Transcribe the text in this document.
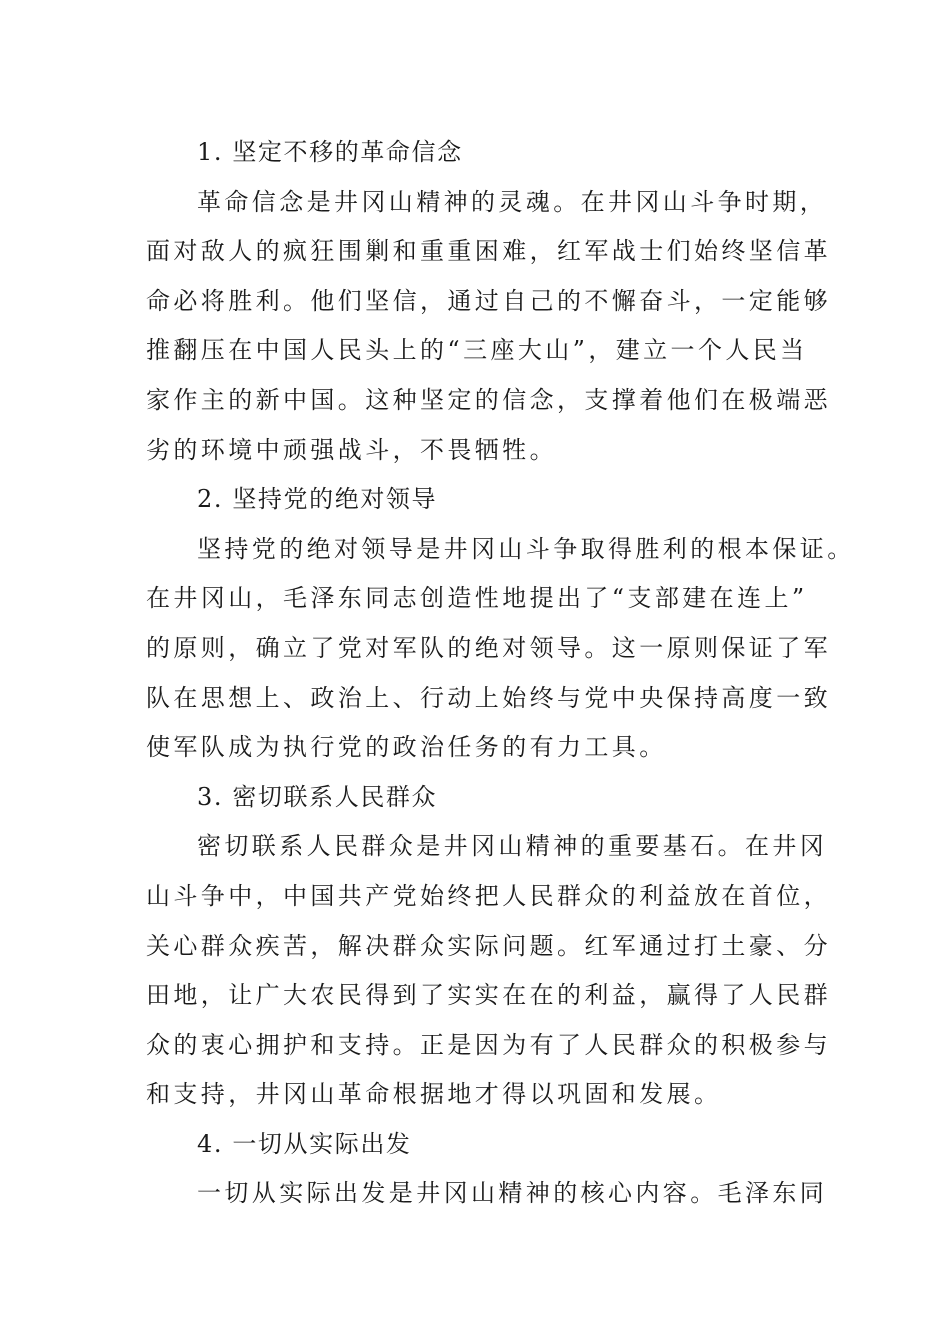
1. 坚定不移的革命信念
革命信念是井冈山精神的灵魂。在井冈山斗争时期，
面对敌人的疯狂围剿和重重困难，红军战士们始终坚信革
命必将胜利。他们坚信，通过自己的不懈奋斗，一定能够
推翻压在中国人民头上的“三座大山”，建立一个人民当
家作主的新中国。这种坚定的信念，支撑着他们在极端恶
劣的环境中顽强战斗，不畏牺牲。
2. 坚持党的绝对领导
坚持党的绝对领导是井冈山斗争取得胜利的根本保证。
在井冈山，毛泽东同志创造性地提出了“支部建在连上”
的原则，确立了党对军队的绝对领导。这一原则保证了军
队在思想上、政治上、行动上始终与党中央保持高度一致
使军队成为执行党的政治任务的有力工具。
3. 密切联系人民群众
密切联系人民群众是井冈山精神的重要基石。在井冈
山斗争中，中国共产党始终把人民群众的利益放在首位，
关心群众疾苦，解决群众实际问题。红军通过打土豪、分
田地，让广大农民得到了实实在在的利益，赢得了人民群
众的衷心拥护和支持。正是因为有了人民群众的积极参与
和支持，井冈山革命根据地才得以巩固和发展。
4. 一切从实际出发
一切从实际出发是井冈山精神的核心内容。毛泽东同
